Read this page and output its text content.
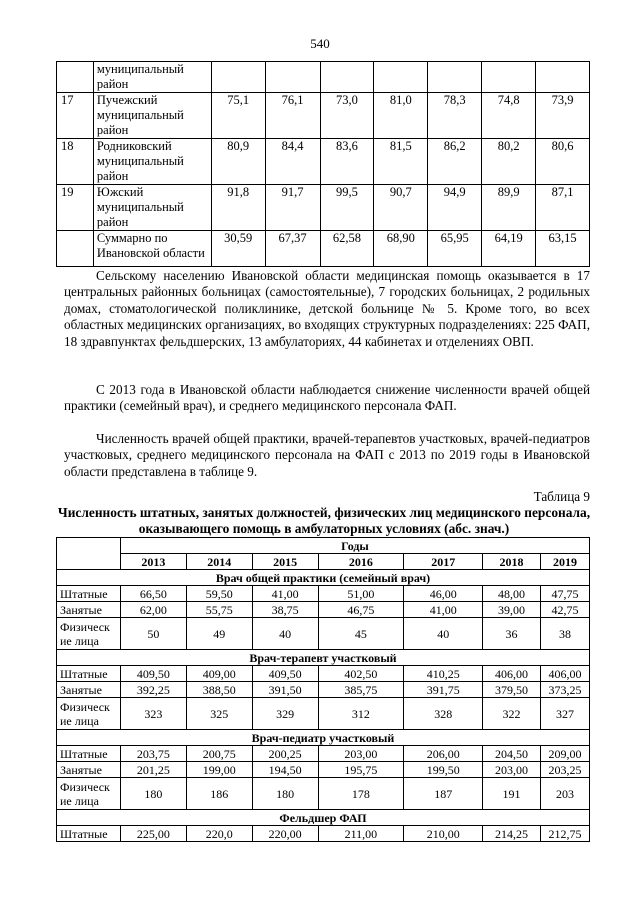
540
	муниципальный район							
17	Пучежский муниципальный район	75,1	76,1	73,0	81,0	78,3	74,8	73,9
18	Родниковский муниципальный район	80,9	84,4	83,6	81,5	86,2	80,2	80,6
19	Южский муниципальный район	91,8	91,7	99,5	90,7	94,9	89,9	87,1
	Суммарно по Ивановской области	30,59	67,37	62,58	68,90	65,95	64,19	63,15

Сельскому населению Ивановской области медицинская помощь оказывается в 17 центральных районных больницах (самостоятельные), 7 городских больницах, 2 родильных домах, стоматологической поликлинике, детской больнице № 5. Кроме того, во всех областных медицинских организациях, во входящих структурных подразделениях: 225 ФАП, 18 здравпунктах фельдшерских, 13 амбулаториях, 44 кабинетах и отделениях ОВП.

С 2013 года в Ивановской области наблюдается снижение численности врачей общей практики (семейный врач), и среднего медицинского персонала ФАП.

Численность врачей общей практики, врачей-терапевтов участковых, врачей-педиатров участковых, среднего медицинского персонала на ФАП с 2013 по 2019 годы в Ивановской области представлена в таблице 9.

Таблица 9
Численность штатных, занятых должностей, физических лиц медицинского персонала, оказывающего помощь в амбулаторных условиях (абс. знач.)
	Годы						
	2013	2014	2015	2016	2017	2018	2019
Врач общей практики (семейный врач)							
Штатные	66,50	59,50	41,00	51,00	46,00	48,00	47,75
Занятые	62,00	55,75	38,75	46,75	41,00	39,00	42,75
Физическ ие лица	50	49	40	45	40	36	38
Врач-терапевт участковый							
Штатные	409,50	409,00	409,50	402,50	410,25	406,00	406,00
Занятые	392,25	388,50	391,50	385,75	391,75	379,50	373,25
Физическ ие лица	323	325	329	312	328	322	327
Врач-педиатр участковый							
Штатные	203,75	200,75	200,25	203,00	206,00	204,50	209,00
Занятые	201,25	199,00	194,50	195,75	199,50	203,00	203,25
Физическ ие лица	180	186	180	178	187	191	203
Фельдшер ФАП							
Штатные	225,00	220,0	220,00	211,00	210,00	214,25	212,75
